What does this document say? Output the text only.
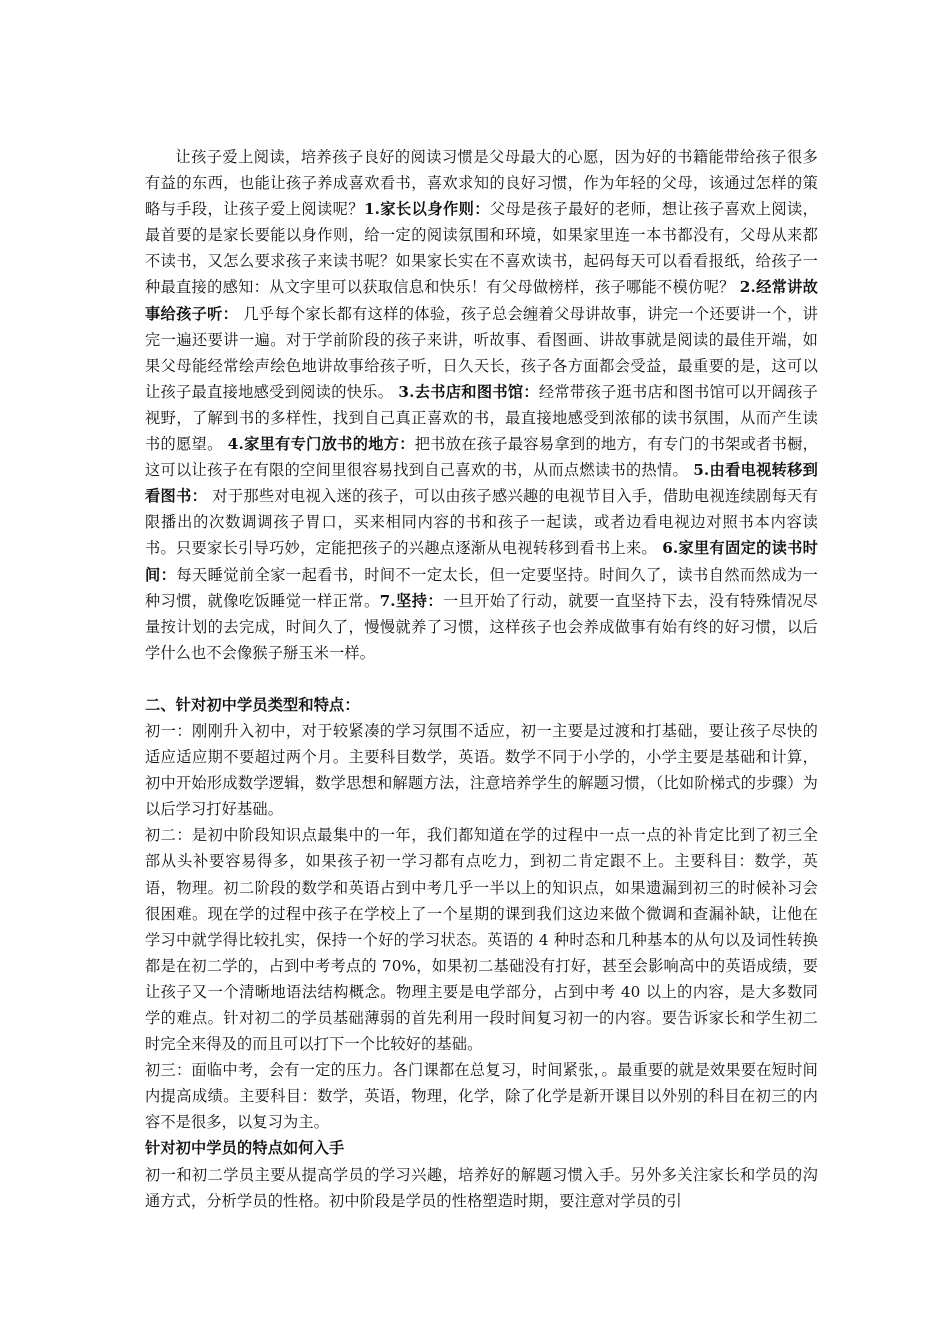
让孩子爱上阅读，培养孩子良好的阅读习惯是父母最大的心愿，因为好的书籍能带给孩子很多有益的东西，也能让孩子养成喜欢看书，喜欢求知的良好习惯，作为年轻的父母，该通过怎样的策略与手段，让孩子爱上阅读呢？1.家长以身作则：父母是孩子最好的老师，想让孩子喜欢上阅读，最首要的是家长要能以身作则，给一定的阅读氛围和环境，如果家里连一本书都没有，父母从来都不读书，又怎么要求孩子来读书呢？如果家长实在不喜欢读书，起码每天可以看看报纸，给孩子一种最直接的感知：从文字里可以获取信息和快乐！有父母做榜样，孩子哪能不模仿呢？ 2.经常讲故事给孩子听： 几乎每个家长都有这样的体验，孩子总会缠着父母讲故事，讲完一个还要讲一个，讲完一遍还要讲一遍。对于学前阶段的孩子来讲，听故事、看图画、讲故事就是阅读的最佳开端，如果父母能经常绘声绘色地讲故事给孩子听，日久天长，孩子各方面都会受益，最重要的是，这可以让孩子最直接地感受到阅读的快乐。 3.去书店和图书馆：经常带孩子逛书店和图书馆可以开阔孩子视野，了解到书的多样性，找到自己真正喜欢的书，最直接地感受到浓郁的读书氛围，从而产生读书的愿望。 4.家里有专门放书的地方：把书放在孩子最容易拿到的地方，有专门的书架或者书橱，这可以让孩子在有限的空间里很容易找到自己喜欢的书，从而点燃读书的热情。 5.由看电视转移到看图书： 对于那些对电视入迷的孩子，可以由孩子感兴趣的电视节目入手，借助电视连续剧每天有限播出的次数调调孩子胃口，买来相同内容的书和孩子一起读，或者边看电视边对照书本内容读书。只要家长引导巧妙，定能把孩子的兴趣点逐渐从电视转移到看书上来。 6.家里有固定的读书时间：每天睡觉前全家一起看书，时间不一定太长，但一定要坚持。时间久了，读书自然而然成为一种习惯，就像吃饭睡觉一样正常。7.坚持：一旦开始了行动，就要一直坚持下去，没有特殊情况尽量按计划的去完成，时间久了，慢慢就养了习惯，这样孩子也会养成做事有始有终的好习惯，以后学什么也不会像猴子掰玉米一样。

二、针对初中学员类型和特点：

初一：刚刚升入初中，对于较紧凑的学习氛围不适应，初一主要是过渡和打基础，要让孩子尽快的适应适应期不要超过两个月。主要科目数学，英语。数学不同于小学的，小学主要是基础和计算，初中开始形成数学逻辑，数学思想和解题方法，注意培养学生的解题习惯，（比如阶梯式的步骤）为以后学习打好基础。

初二：是初中阶段知识点最集中的一年，我们都知道在学的过程中一点一点的补肯定比到了初三全部从头补要容易得多，如果孩子初一学习都有点吃力，到初二肯定跟不上。主要科目：数学，英语，物理。初二阶段的数学和英语占到中考几乎一半以上的知识点，如果遗漏到初三的时候补习会很困难。现在学的过程中孩子在学校上了一个星期的课到我们这边来做个微调和查漏补缺，让他在学习中就学得比较扎实，保持一个好的学习状态。英语的 4 种时态和几种基本的从句以及词性转换都是在初二学的，占到中考考点的 70%，如果初二基础没有打好，甚至会影响高中的英语成绩，要让孩子又一个清晰地语法结构概念。物理主要是电学部分，占到中考 40 以上的内容，是大多数同学的难点。针对初二的学员基础薄弱的首先利用一段时间复习初一的内容。要告诉家长和学生初二时完全来得及的而且可以打下一个比较好的基础。

初三：面临中考，会有一定的压力。各门课都在总复习，时间紧张，。最重要的就是效果要在短时间内提高成绩。主要科目：数学，英语，物理，化学，除了化学是新开课目以外别的科目在初三的内容不是很多，以复习为主。

针对初中学员的特点如何入手

初一和初二学员主要从提高学员的学习兴趣，培养好的解题习惯入手。另外多关注家长和学员的沟通方式，分析学员的性格。初中阶段是学员的性格塑造时期，要注意对学员的引
